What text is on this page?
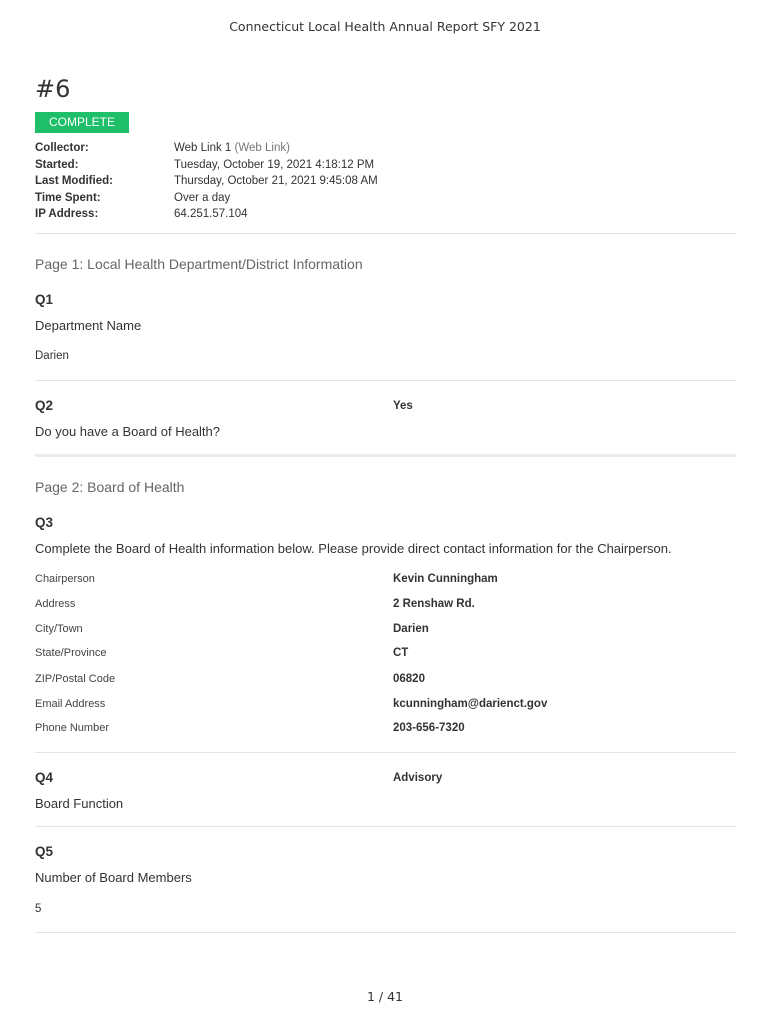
Connecticut Local Health Annual Report SFY 2021
#6
COMPLETE
Collector:	Web Link 1 (Web Link)
Started:	Tuesday, October 19, 2021 4:18:12 PM
Last Modified:	Thursday, October 21, 2021 9:45:08 AM
Time Spent:	Over a day
IP Address:	64.251.57.104
Page 1: Local Health Department/District Information
Q1
Department Name
Darien
Q2	Yes
Do you have a Board of Health?
Page 2: Board of Health
Q3
Complete the Board of Health information below. Please provide direct contact information for the Chairperson.
Chairperson	Kevin Cunningham
Address	2 Renshaw Rd.
City/Town	Darien
State/Province	CT
ZIP/Postal Code	06820
Email Address	kcunningham@darienct.gov
Phone Number	203-656-7320
Q4	Advisory
Board Function
Q5
Number of Board Members
5
1 / 41
